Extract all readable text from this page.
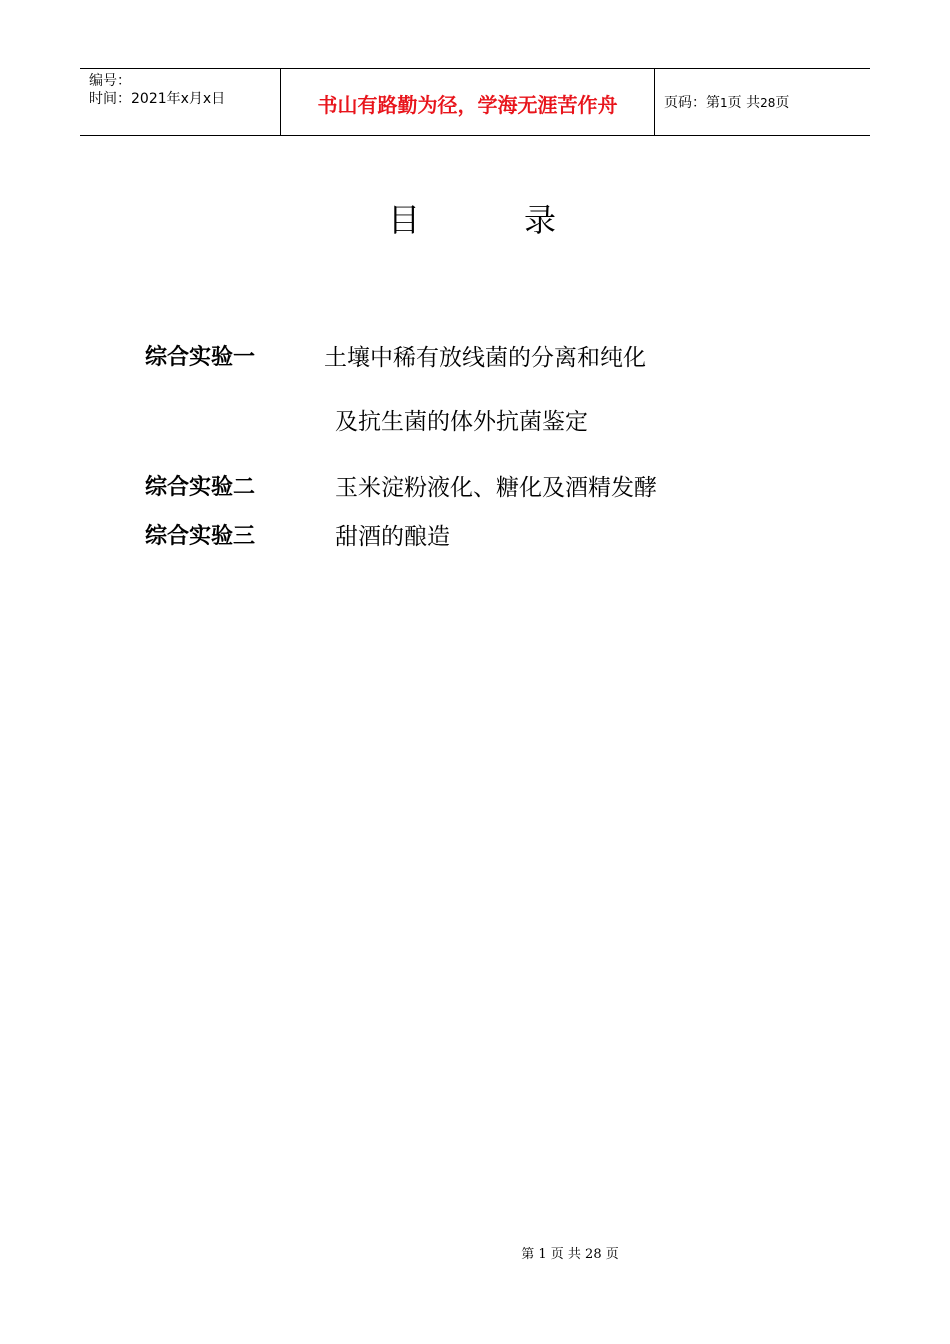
编号：
时间：2021年x月x日	书山有路勤为径，学海无涯苦作舟	页码：第1页 共28页
目	录
综合实验一	土壤中稀有放线菌的分离和纯化
及抗生菌的体外抗菌鉴定
综合实验二	玉米淀粉液化、糖化及酒精发酵
综合实验三	甜酒的酿造
第 1 页 共 28 页
